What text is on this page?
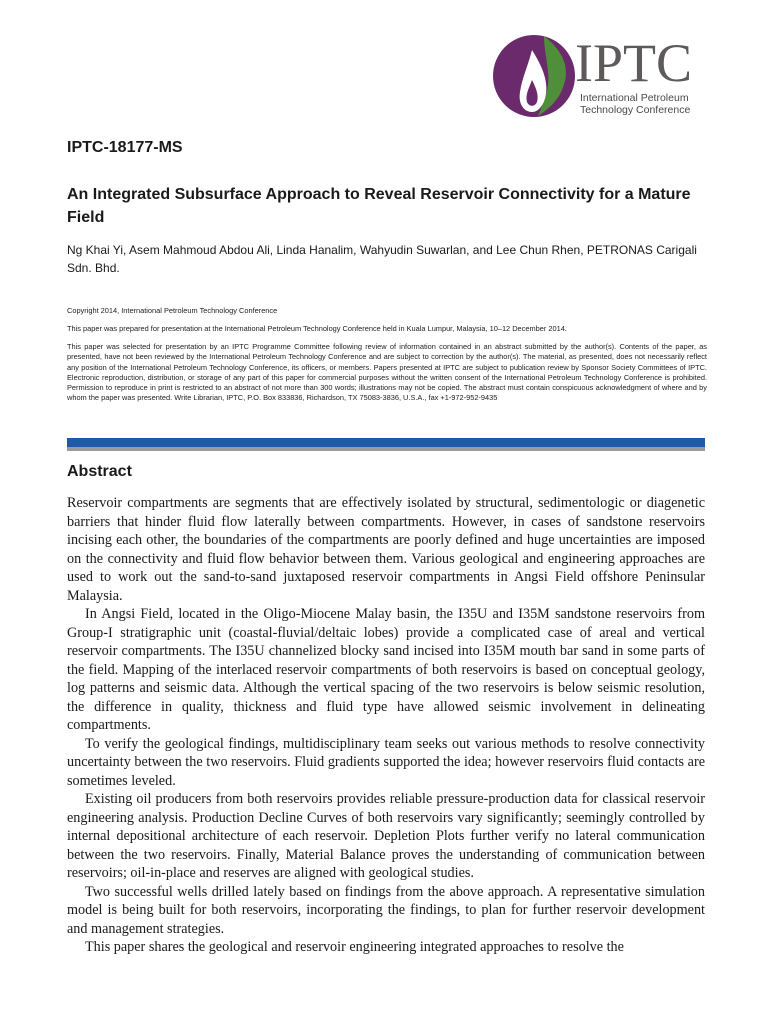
IPTC
International Petroleum
Technology Conference
IPTC-18177-MS
An Integrated Subsurface Approach to Reveal Reservoir Connectivity for a Mature Field
Ng Khai Yi, Asem Mahmoud Abdou Ali, Linda Hanalim, Wahyudin Suwarlan, and Lee Chun Rhen, PETRONAS Carigali Sdn. Bhd.
Copyright 2014, International Petroleum Technology Conference
This paper was prepared for presentation at the International Petroleum Technology Conference held in Kuala Lumpur, Malaysia, 10–12 December 2014.
This paper was selected for presentation by an IPTC Programme Committee following review of information contained in an abstract submitted by the author(s). Contents of the paper, as presented, have not been reviewed by the International Petroleum Technology Conference and are subject to correction by the author(s). The material, as presented, does not necessarily reflect any position of the International Petroleum Technology Conference, its officers, or members. Papers presented at IPTC are subject to publication review by Sponsor Society Committees of IPTC. Electronic reproduction, distribution, or storage of any part of this paper for commercial purposes without the written consent of the International Petroleum Technology Conference is prohibited. Permission to reproduce in print is restricted to an abstract of not more than 300 words; illustrations may not be copied. The abstract must contain conspicuous acknowledgment of where and by whom the paper was presented. Write Librarian, IPTC, P.O. Box 833836, Richardson, TX 75083-3836, U.S.A., fax +1-972-952-9435
Abstract

Reservoir compartments are segments that are effectively isolated by structural, sedimentologic or diagenetic barriers that hinder fluid flow laterally between compartments. However, in cases of sandstone reservoirs incising each other, the boundaries of the compartments are poorly defined and huge uncertainties are imposed on the connectivity and fluid flow behavior between them. Various geological and engineering approaches are used to work out the sand-to-sand juxtaposed reservoir compartments in Angsi Field offshore Peninsular Malaysia.

In Angsi Field, located in the Oligo-Miocene Malay basin, the I35U and I35M sandstone reservoirs from Group-I stratigraphic unit (coastal-fluvial/deltaic lobes) provide a complicated case of areal and vertical reservoir compartments. The I35U channelized blocky sand incised into I35M mouth bar sand in some parts of the field. Mapping of the interlaced reservoir compartments of both reservoirs is based on conceptual geology, log patterns and seismic data. Although the vertical spacing of the two reservoirs is below seismic resolution, the difference in quality, thickness and fluid type have allowed seismic involvement in delineating compartments.

To verify the geological findings, multidisciplinary team seeks out various methods to resolve connectivity uncertainty between the two reservoirs. Fluid gradients supported the idea; however reservoirs fluid contacts are sometimes leveled.

Existing oil producers from both reservoirs provides reliable pressure-production data for classical reservoir engineering analysis. Production Decline Curves of both reservoirs vary significantly; seemingly controlled by internal depositional architecture of each reservoir. Depletion Plots further verify no lateral communication between the two reservoirs. Finally, Material Balance proves the understanding of communication between reservoirs; oil-in-place and reserves are aligned with geological studies.

Two successful wells drilled lately based on findings from the above approach. A representative simulation model is being built for both reservoirs, incorporating the findings, to plan for further reservoir development and management strategies.

This paper shares the geological and reservoir engineering integrated approaches to resolve the
